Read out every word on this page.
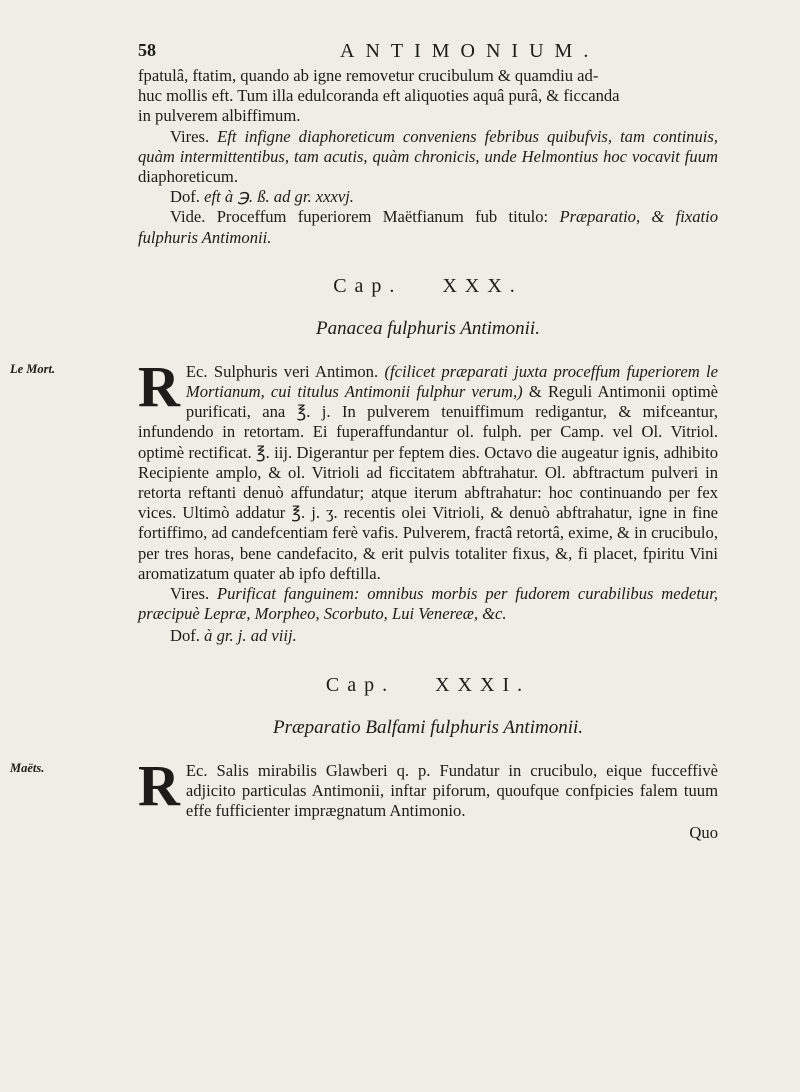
58	ANTIMONIUM.

fpatulâ, ftatim, quando ab igne removetur crucibulum & quamdiu ad-

huc mollis eft. Tum illa edulcoranda eft aliquoties aquâ purâ, & ficcanda

in pulverem albiffimum.

Vires. Eft infigne diaphoreticum conveniens febribus quibufvis, tam continuis, quàm intermittentibus, tam acutis, quàm chronicis, unde Helmontius hoc vocavit fuum diaphoreticum.

Dof. eft à ℈. ß. ad gr. xxxvj.

Vide. Proceffum fuperiorem Maëtfianum fub titulo: Præparatio, & fixatio fulphuris Antimonii.

Cap. XXX.
Panacea fulphuris Antimonii.
Le Mort. R Ec. Sulphuris veri Antimon. (fcilicet præparati juxta proceffum fuperiorem le Mortianum, cui titulus Antimonii fulphur verum,) & Reguli Antimonii optimè purificati, ana ℥. j. In pulverem tenuiffimum redigantur, & mifceantur, infundendo in retortam. Ei fuperaffundantur ol. fulph. per Camp. vel Ol. Vitriol. optimè rectificat. ℥. iij. Digerantur per feptem dies. Octavo die augeatur ignis, adhibito Recipiente amplo, & ol. Vitrioli ad ficcitatem abftrahatur. Ol. abftractum pulveri in retorta reftanti denuò affundatur; atque iterum abftrahatur: hoc continuando per fex vices. Ultimò addatur ℥. j. ʒ. recentis olei Vitrioli, & denuò abftrahatur, igne in fine fortiffimo, ad candefcentiam ferè vafis. Pulverem, fractâ retortâ, exime, & in crucibulo, per tres horas, bene candefacito, & erit pulvis totaliter fixus, &, fi placet, fpiritu Vini aromatizatum quater ab ipfo deftilla.

Vires. Purificat fanguinem: omnibus morbis per fudorem curabilibus medetur, præcipuè Lepræ, Morpheo, Scorbuto, Lui Venereæ, &c.

Dof. à gr. j. ad viij.

Cap. XXXI.
Præparatio Balfami fulphuris Antimonii.
Maëts. R Ec. Salis mirabilis Glawberi q. p. Fundatur in crucibulo, eique fucceffivè adjicito particulas Antimonii, inftar piforum, quoufque confpicies falem tuum effe fufficienter imprægnatum Antimonio.

Quo
